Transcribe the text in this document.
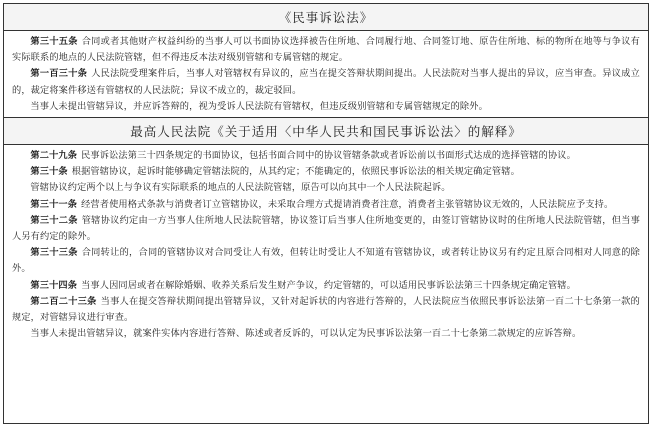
《民事诉讼法》

第三十五条 合同或者其他财产权益纠纷的当事人可以书面协议选择被告住所地、合同履行地、合同签订地、原告住所地、标的物所在地等与争议有实际联系的地点的人民法院管辖，但不得违反本法对级别管辖和专属管辖的规定。

第一百三十条 人民法院受理案件后，当事人对管辖权有异议的，应当在提交答辩状期间提出。人民法院对当事人提出的异议，应当审查。异议成立的，裁定将案件移送有管辖权的人民法院；异议不成立的，裁定驳回。

当事人未提出管辖异议，并应诉答辩的，视为受诉人民法院有管辖权，但违反级别管辖和专属管辖规定的除外。

最高人民法院《关于适用〈中华人民共和国民事诉讼法〉的解释》

第二十九条 民事诉讼法第三十四条规定的书面协议，包括书面合同中的协议管辖条款或者诉讼前以书面形式达成的选择管辖的协议。

第三十条 根据管辖协议，起诉时能够确定管辖法院的，从其约定；不能确定的，依照民事诉讼法的相关规定确定管辖。

管辖协议约定两个以上与争议有实际联系的地点的人民法院管辖，原告可以向其中一个人民法院起诉。

第三十一条 经营者使用格式条款与消费者订立管辖协议，未采取合理方式提请消费者注意，消费者主张管辖协议无效的，人民法院应予支持。

第三十二条 管辖协议约定由一方当事人住所地人民法院管辖，协议签订后当事人住所地变更的，由签订管辖协议时的住所地人民法院管辖，但当事人另有约定的除外。

第三十三条 合同转让的，合同的管辖协议对合同受让人有效，但转让时受让人不知道有管辖协议，或者转让协议另有约定且原合同相对人同意的除外。

第三十四条 当事人因同居或者在解除婚姻、收养关系后发生财产争议，约定管辖的，可以适用民事诉讼法第三十四条规定确定管辖。

第二百二十三条 当事人在提交答辩状期间提出管辖异议，又针对起诉状的内容进行答辩的，人民法院应当依照民事诉讼法第一百二十七条第一款的规定，对管辖异议进行审查。

当事人未提出管辖异议，就案件实体内容进行答辩、陈述或者反诉的，可以认定为民事诉讼法第一百二十七条第二款规定的应诉答辩。
